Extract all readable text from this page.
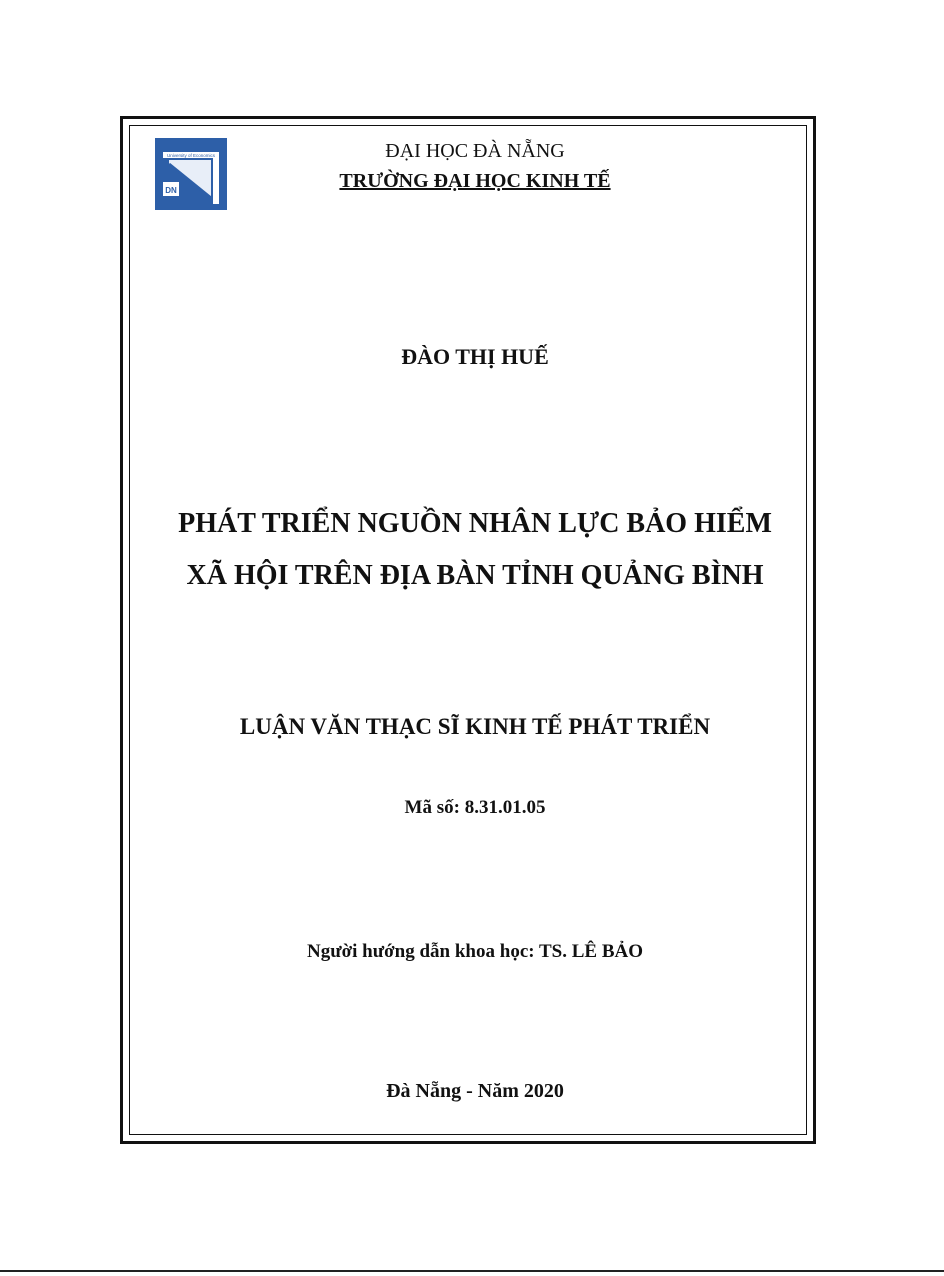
DN
University of Economics	ĐẠI HỌC ĐÀ NẴNG
TRƯỜNG ĐẠI HỌC KINH TẾ
ĐÀO THỊ HUẾ
PHÁT TRIỂN NGUỒN NHÂN LỰC BẢO HIỂM
XÃ HỘI TRÊN ĐỊA BÀN TỈNH QUẢNG BÌNH
LUẬN VĂN THẠC SĨ KINH TẾ PHÁT TRIỂN
Mã số: 8.31.01.05
Người hướng dẫn khoa học: TS. LÊ BẢO
Đà Nẵng - Năm 2020
